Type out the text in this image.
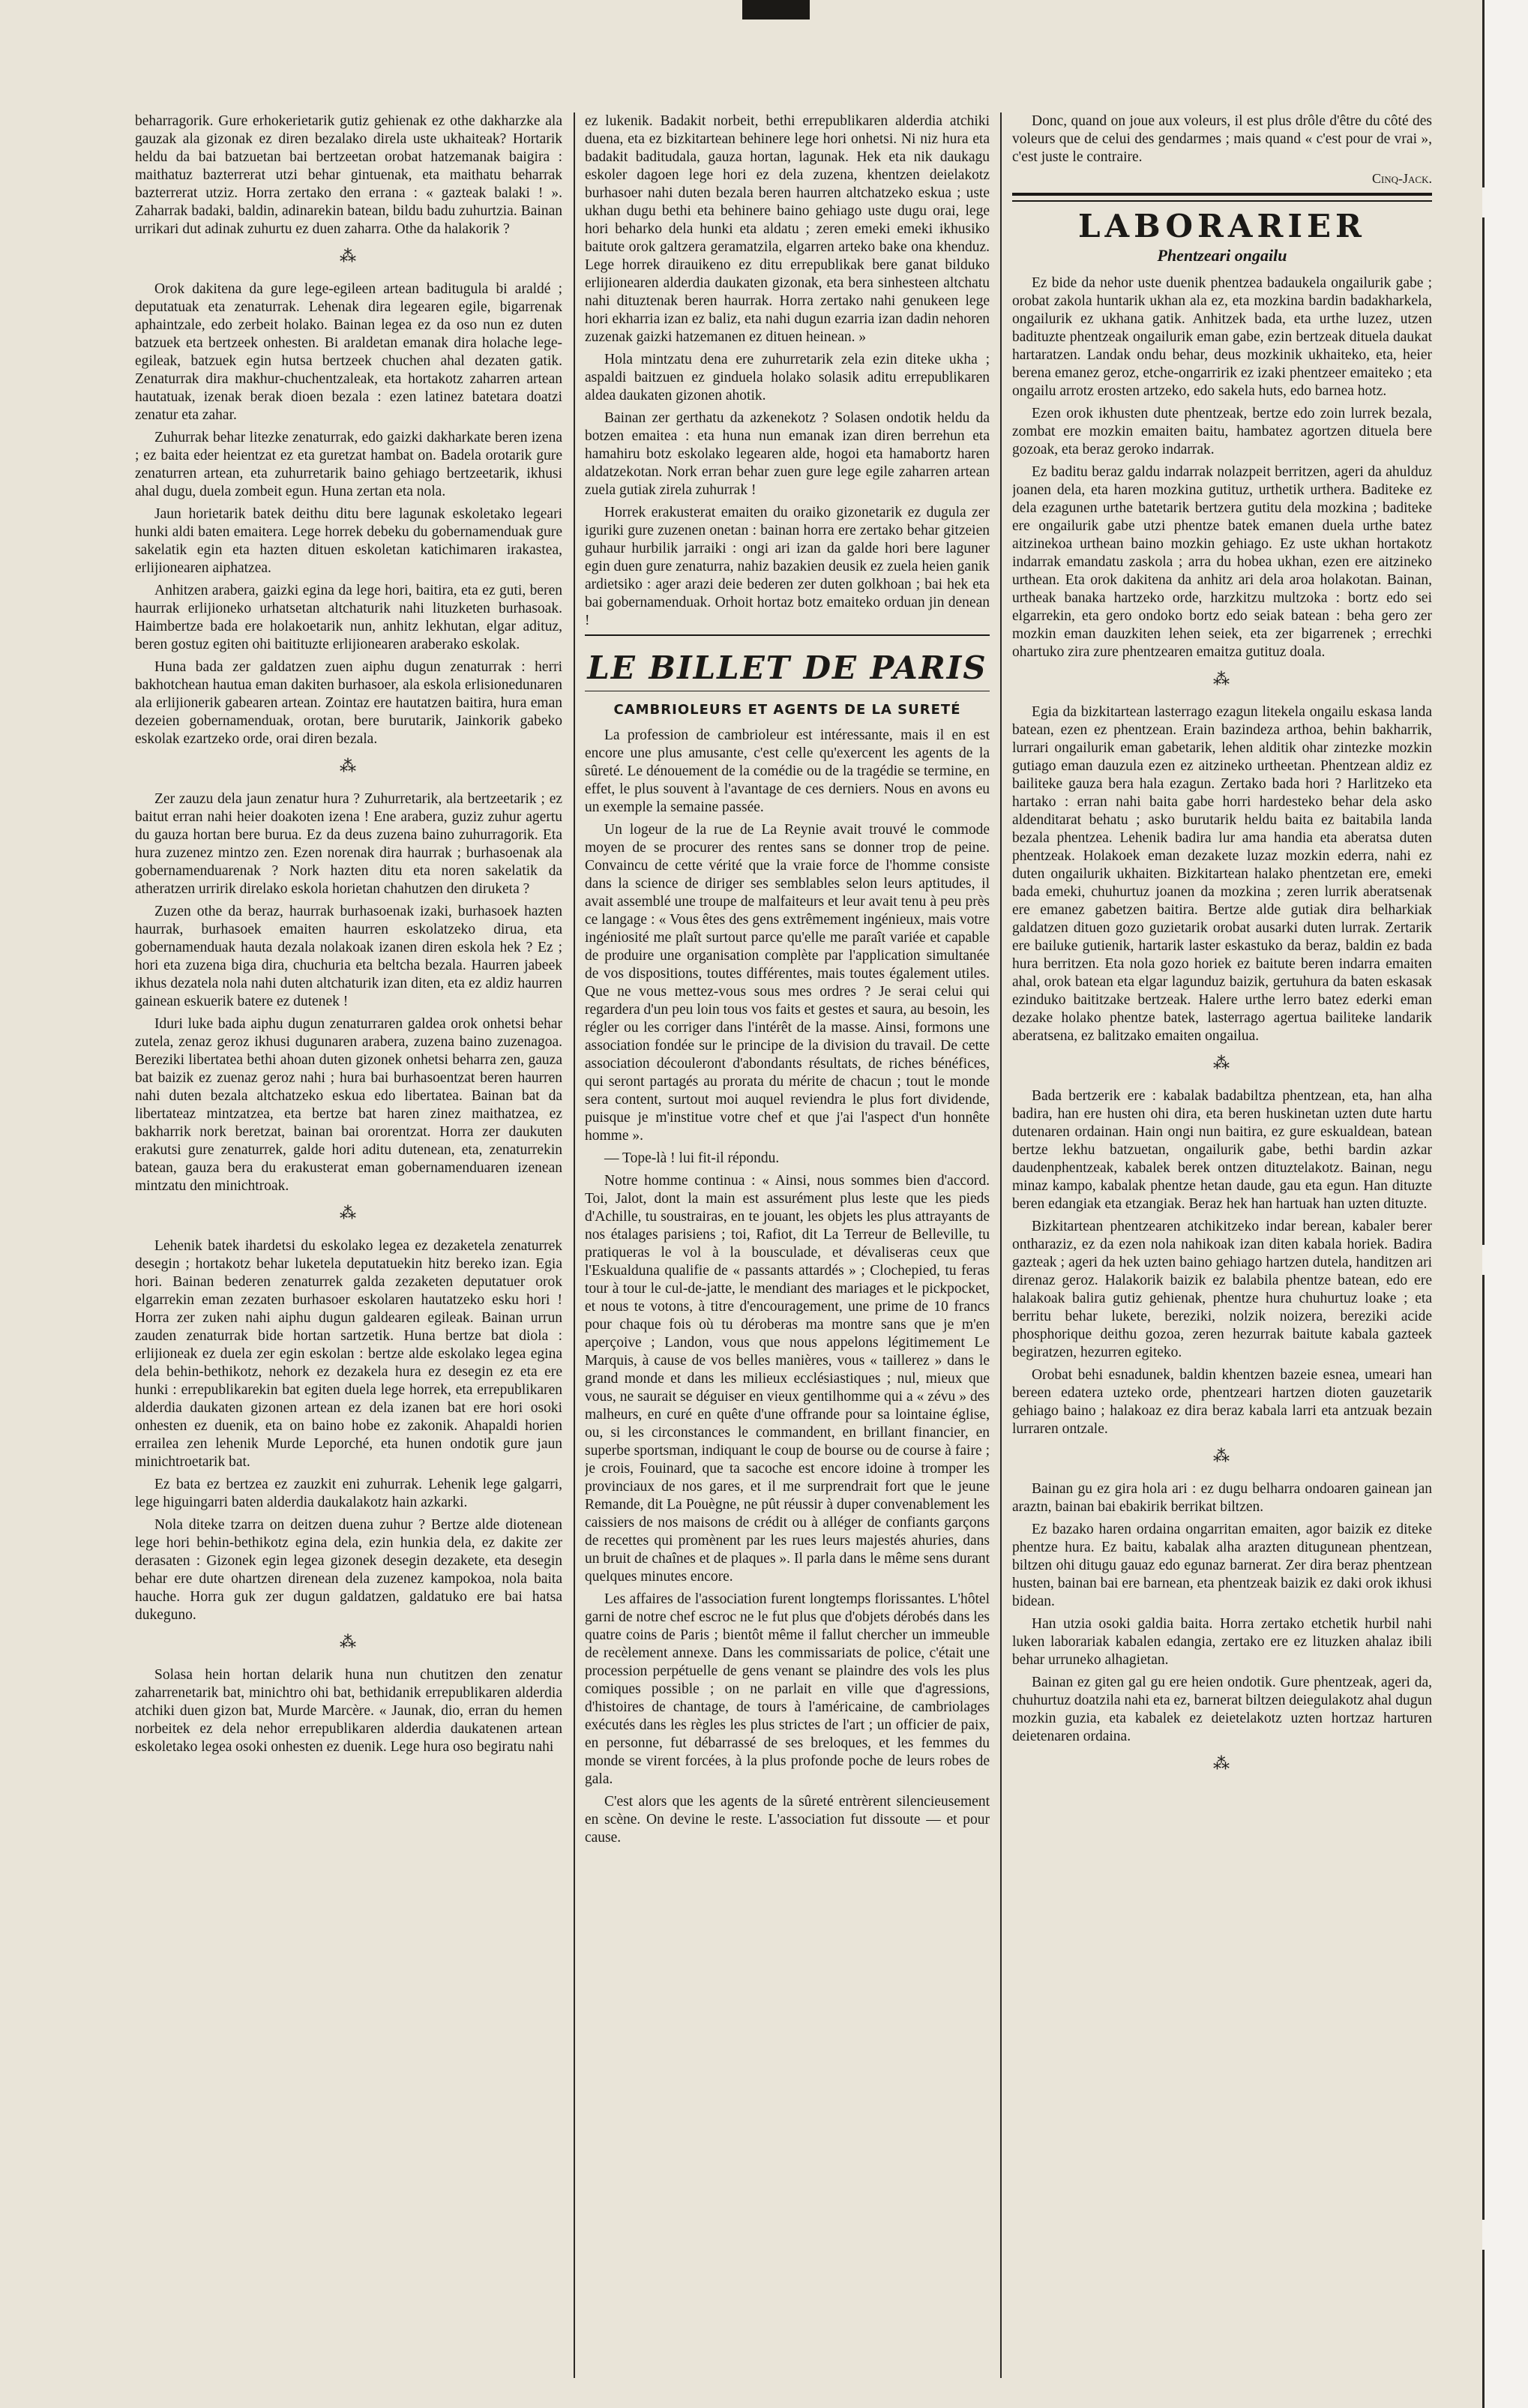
beharragorik. Gure erhokerietarik gutiz gehienak ez othe dakharzke ala gauzak ala gizonak ez diren bezalako direla uste ukhaiteak? Hortarik heldu da bai batzuetan bai bertzeetan orobat hatzemanak baigira : maithatuz bazterrerat utzi behar gintuenak, eta maithatu beharrak bazterrerat utziz. Horra zertako den errana : « gazteak balaki ! ». Zaharrak badaki, baldin, adinarekin batean, bildu badu zuhurtzia. Bainan urrikari dut adinak zuhurtu ez duen zaharra. Othe da halakorik ?

⁂

Orok dakitena da gure lege-egileen artean baditugula bi araldé ; deputatuak eta zenaturrak. Lehenak dira legearen egile, bigarrenak aphaintzale, edo zerbeit holako. Bainan legea ez da oso nun ez duten batzuek eta bertzeek onhesten. Bi araldetan emanak dira holache lege-egileak, batzuek egin hutsa bertzeek chuchen ahal dezaten gatik. Zenaturrak dira makhur-chuchentzaleak, eta hortakotz zaharren artean hautatuak, izenak berak dioen bezala : ezen latinez batetara doatzi zenatur eta zahar.

Zuhurrak behar litezke zenaturrak, edo gaizki dakharkate beren izena ; ez baita eder heientzat ez eta guretzat hambat on. Badela orotarik gure zenaturren artean, eta zuhurretarik baino gehiago bertzeetarik, ikhusi ahal dugu, duela zombeit egun. Huna zertan eta nola.

Jaun horietarik batek deithu ditu bere lagunak eskoletako legeari hunki aldi baten emaitera. Lege horrek debeku du gobernamenduak gure sakelatik egin eta hazten dituen eskoletan katichimaren irakastea, erlijionearen aiphatzea.

Anhitzen arabera, gaizki egina da lege hori, baitira, eta ez guti, beren haurrak erlijioneko urhatsetan altchaturik nahi lituzketen burhasoak. Haimbertze bada ere holakoetarik nun, anhitz lekhutan, elgar adituz, beren gostuz egiten ohi baitituzte erlijionearen araberako eskolak.

Huna bada zer galdatzen zuen aiphu dugun zenaturrak : herri bakhotchean hautua eman dakiten burhasoer, ala eskola erlisionedunaren ala erlijionerik gabearen artean. Zointaz ere hautatzen baitira, hura eman dezeien gobernamenduak, orotan, bere burutarik, Jainkorik gabeko eskolak ezartzeko orde, orai diren bezala.

⁂

Zer zauzu dela jaun zenatur hura ? Zuhurretarik, ala bertzeetarik ; ez baitut erran nahi heier doakoten izena ! Ene arabera, guziz zuhur agertu du gauza hortan bere burua. Ez da deus zuzena baino zuhurragorik. Eta hura zuzenez mintzo zen. Ezen norenak dira haurrak ; burhasoenak ala gobernamenduarenak ? Nork hazten ditu eta noren sakelatik da atheratzen urririk direlako eskola horietan chahutzen den diruketa ?

Zuzen othe da beraz, haurrak burhasoenak izaki, burhasoek hazten haurrak, burhasoek emaiten haurren eskolatzeko dirua, eta gobernamenduak hauta dezala nolakoak izanen diren eskola hek ? Ez ; hori eta zuzena biga dira, chuchuria eta beltcha bezala. Haurren jabeek ikhus dezatela nola nahi duten altchaturik izan diten, eta ez aldiz haurren gainean eskuerik batere ez dutenek !

Iduri luke bada aiphu dugun zenaturraren galdea orok onhetsi behar zutela, zenaz geroz ikhusi dugunaren arabera, zuzena baino zuzenagoa. Bereziki libertatea bethi ahoan duten gizonek onhetsi beharra zen, gauza bat baizik ez zuenaz geroz nahi ; hura bai burhasoentzat beren haurren nahi duten bezala altchatzeko eskua edo libertatea. Bainan bat da libertateaz mintzatzea, eta bertze bat haren zinez maithatzea, ez bakharrik nork beretzat, bainan bai ororentzat. Horra zer daukuten erakutsi gure zenaturrek, galde hori aditu dutenean, eta, zenaturrekin batean, gauza bera du erakusterat eman gobernamenduaren izenean mintzatu den minichtroak.

⁂

Lehenik batek ihardetsi du eskolako legea ez dezaketela zenaturrek desegin ; hortakotz behar luketela deputatuekin hitz bereko izan. Egia hori. Bainan bederen zenaturrek galda zezaketen deputatuer orok elgarrekin eman zezaten burhasoer eskolaren hautatzeko esku hori ! Horra zer zuken nahi aiphu dugun galdearen egileak. Bainan urrun zauden zenaturrak bide hortan sartzetik. Huna bertze bat diola : erlijioneak ez duela zer egin eskolan : bertze alde eskolako legea egina dela behin-bethikotz, nehork ez dezakela hura ez desegin ez eta ere hunki : errepublikarekin bat egiten duela lege horrek, eta errepublikaren alderdia daukaten gizonen artean ez dela izanen bat ere hori osoki onhesten ez duenik, eta on baino hobe ez zakonik. Ahapaldi horien errailea zen lehenik Murde Leporché, eta hunen ondotik gure jaun minichtroetarik bat.

Ez bata ez bertzea ez zauzkit eni zuhurrak. Lehenik lege galgarri, lege higuingarri baten alderdia daukalakotz hain azkarki.

Nola diteke tzarra on deitzen duena zuhur ? Bertze alde diotenean lege hori behin-bethikotz egina dela, ezin hunkia dela, ez dakite zer derasaten : Gizonek egin legea gizonek desegin dezakete, eta desegin behar ere dute ohartzen direnean dela zuzenez kampokoa, nola baita hauche. Horra guk zer dugun galdatzen, galdatuko ere bai hatsa dukeguno.

⁂

Solasa hein hortan delarik huna nun chutitzen den zenatur zaharrenetarik bat, minichtro ohi bat, bethidanik errepublikaren alderdia atchiki duen gizon bat, Murde Marcère. « Jaunak, dio, erran du hemen norbeitek ez dela nehor errepublikaren alderdia daukatenen artean eskoletako legea osoki onhesten ez duenik. Lege hura oso begiratu nahi

ez lukenik. Badakit norbeit, bethi errepublikaren alderdia atchiki duena, eta ez bizkitartean behinere lege hori onhetsi. Ni niz hura eta badakit baditudala, gauza hortan, lagunak. Hek eta nik daukagu eskoler dagoen lege hori ez dela zuzena, khentzen deielakotz burhasoer nahi duten bezala beren haurren altchatzeko eskua ; uste ukhan dugu bethi eta behinere baino gehiago uste dugu orai, lege hori beharko dela hunki eta aldatu ; zeren emeki emeki ikhusiko baitute orok galtzera geramatzila, elgarren arteko bake ona khenduz. Lege horrek dirauikeno ez ditu errepublikak bere ganat bilduko erlijionearen alderdia daukaten gizonak, eta bera sinhesteen altchatu nahi dituztenak beren haurrak. Horra zertako nahi genukeen lege hori ekharria izan ez baliz, eta nahi dugun ezarria izan dadin nehoren zuzenak gaizki hatzemanen ez dituen heinean. »

Hola mintzatu dena ere zuhurretarik zela ezin diteke ukha ; aspaldi baitzuen ez ginduela holako solasik aditu errepublikaren aldea daukaten gizonen ahotik.

Bainan zer gerthatu da azkenekotz ? Solasen ondotik heldu da botzen emaitea : eta huna nun emanak izan diren berrehun eta hamahiru botz eskolako legearen alde, hogoi eta hamabortz haren aldatzekotan. Nork erran behar zuen gure lege egile zaharren artean zuela gutiak zirela zuhurrak !

Horrek erakusterat emaiten du oraiko gizonetarik ez dugula zer iguriki gure zuzenen onetan : bainan horra ere zertako behar gitzeien guhaur hurbilik jarraiki : ongi ari izan da galde hori bere laguner egin duen gure zenaturra, nahiz bazakien deusik ez zuela heien ganik ardietsiko : ager arazi deie bederen zer duten golkhoan ; bai hek eta bai gobernamenduak. Orhoit hortaz botz emaiteko orduan jin denean !

LE BILLET DE PARIS
CAMBRIOLEURS ET AGENTS DE LA SURETÉ

La profession de cambrioleur est intéressante, mais il en est encore une plus amusante, c'est celle qu'exercent les agents de la sûreté. Le dénouement de la comédie ou de la tragédie se termine, en effet, le plus souvent à l'avantage de ces derniers. Nous en avons eu un exemple la semaine passée.

Un logeur de la rue de La Reynie avait trouvé le commode moyen de se procurer des rentes sans se donner trop de peine. Convaincu de cette vérité que la vraie force de l'homme consiste dans la science de diriger ses semblables selon leurs aptitudes, il avait assemblé une troupe de malfaiteurs et leur avait tenu à peu près ce langage : « Vous êtes des gens extrêmement ingénieux, mais votre ingéniosité me plaît surtout parce qu'elle me paraît variée et capable de produire une organisation complète par l'application simultanée de vos dispositions, toutes différentes, mais toutes également utiles. Que ne vous mettez-vous sous mes ordres ? Je serai celui qui regardera d'un peu loin tous vos faits et gestes et saura, au besoin, les régler ou les corriger dans l'intérêt de la masse. Ainsi, formons une association fondée sur le principe de la division du travail. De cette association découleront d'abondants résultats, de riches bénéfices, qui seront partagés au prorata du mérite de chacun ; tout le monde sera content, surtout moi auquel reviendra le plus fort dividende, puisque je m'institue votre chef et que j'ai l'aspect d'un honnête homme ».

— Tope-là ! lui fit-il répondu.

Notre homme continua : « Ainsi, nous sommes bien d'accord. Toi, Jalot, dont la main est assurément plus leste que les pieds d'Achille, tu soustrairas, en te jouant, les objets les plus attrayants de nos étalages parisiens ; toi, Rafiot, dit La Terreur de Belleville, tu pratiqueras le vol à la bousculade, et dévaliseras ceux que l'Eskualduna qualifie de « passants attardés » ; Clochepied, tu feras tour à tour le cul-de-jatte, le mendiant des mariages et le pickpocket, et nous te votons, à titre d'encouragement, une prime de 10 francs pour chaque fois où tu déroberas ma montre sans que je m'en aperçoive ; Landon, vous que nous appelons légitimement Le Marquis, à cause de vos belles manières, vous « taillerez » dans le grand monde et dans les milieux ecclésiastiques ; nul, mieux que vous, ne saurait se déguiser en vieux gentilhomme qui a « zévu » des malheurs, en curé en quête d'une offrande pour sa lointaine église, ou, si les circonstances le commandent, en brillant financier, en superbe sportsman, indiquant le coup de bourse ou de course à faire ; je crois, Fouinard, que ta sacoche est encore idoine à tromper les provinciaux de nos gares, et il me surprendrait fort que le jeune Remande, dit La Pouègne, ne pût réussir à duper convenablement les caissiers de nos maisons de crédit ou à alléger de confiants garçons de recettes qui promènent par les rues leurs majestés ahuries, dans un bruit de chaînes et de plaques ». Il parla dans le même sens durant quelques minutes encore.

Les affaires de l'association furent longtemps florissantes. L'hôtel garni de notre chef escroc ne le fut plus que d'objets dérobés dans les quatre coins de Paris ; bientôt même il fallut chercher un immeuble de recèlement annexe. Dans les commissariats de police, c'était une procession perpétuelle de gens venant se plaindre des vols les plus comiques possible ; on ne parlait en ville que d'agressions, d'histoires de chantage, de tours à l'américaine, de cambriolages exécutés dans les règles les plus strictes de l'art ; un officier de paix, en personne, fut débarrassé de ses breloques, et les femmes du monde se virent forcées, à la plus profonde poche de leurs robes de gala.

C'est alors que les agents de la sûreté entrèrent silencieusement en scène. On devine le reste. L'association fut dissoute — et pour cause.

Donc, quand on joue aux voleurs, il est plus drôle d'être du côté des voleurs que de celui des gendarmes ; mais quand « c'est pour de vrai », c'est juste le contraire.

Cinq-Jack.
LABORARIER
Phentzeari ongailu

Ez bide da nehor uste duenik phentzea badaukela ongailurik gabe ; orobat zakola huntarik ukhan ala ez, eta mozkina bardin badakharkela, ongailurik ez ukhana gatik. Anhitzek bada, eta urthe luzez, utzen badituzte phentzeak ongailurik eman gabe, ezin bertzeak dituela daukat hartaratzen. Landak ondu behar, deus mozkinik ukhaiteko, eta, heier berena emanez geroz, etche-ongarririk ez izaki phentzeer emaiteko ; eta ongailu arrotz erosten artzeko, edo sakela huts, edo barnea hotz.

Ezen orok ikhusten dute phentzeak, bertze edo zoin lurrek bezala, zombat ere mozkin emaiten baitu, hambatez agortzen dituela bere gozoak, eta beraz geroko indarrak.

Ez baditu beraz galdu indarrak nolazpeit berritzen, ageri da ahulduz joanen dela, eta haren mozkina gutituz, urthetik urthera. Baditeke ez dela ezagunen urthe batetarik bertzera gutitu dela mozkina ; baditeke ere ongailurik gabe utzi phentze batek emanen duela urthe batez aitzinekoa urthean baino mozkin gehiago. Ez uste ukhan hortakotz indarrak emandatu zaskola ; arra du hobea ukhan, ezen ere aitzineko urthean. Eta orok dakitena da anhitz ari dela aroa holakotan. Bainan, urtheak banaka hartzeko orde, harzkitzu multzoka : bortz edo sei elgarrekin, eta gero ondoko bortz edo seiak batean : beha gero zer mozkin eman dauzkiten lehen seiek, eta zer bigarrenek ; errechki ohartuko zira zure phentzearen emaitza gutituz doala.

⁂

Egia da bizkitartean lasterrago ezagun litekela ongailu eskasa landa batean, ezen ez phentzean. Erain bazindeza arthoa, behin bakharrik, lurrari ongailurik eman gabetarik, lehen alditik ohar zintezke mozkin gutiago eman dauzula ezen ez aitzineko urtheetan. Phentzean aldiz ez bailiteke gauza bera hala ezagun. Zertako bada hori ? Harlitzeko eta hartako : erran nahi baita gabe horri hardesteko behar dela asko aldenditarat behatu ; asko burutarik heldu baita ez baitabila landa bezala phentzea. Lehenik badira lur ama handia eta aberatsa duten phentzeak. Holakoek eman dezakete luzaz mozkin ederra, nahi ez duten ongailurik ukhaiten. Bizkitartean halako phentzetan ere, emeki bada emeki, chuhurtuz joanen da mozkina ; zeren lurrik aberatsenak ere emanez gabetzen baitira. Bertze alde gutiak dira belharkiak galdatzen dituen gozo guzietarik orobat ausarki duten lurrak. Zertarik ere bailuke gutienik, hartarik laster eskastuko da beraz, baldin ez bada hura berritzen. Eta nola gozo horiek ez baitute beren indarra emaiten ahal, orok batean eta elgar lagunduz baizik, gertuhura da baten eskasak ezinduko baititzake bertzeak. Halere urthe lerro batez ederki eman dezake holako phentze batek, lasterrago agertua bailiteke landarik aberatsena, ez balitzako emaiten ongailua.

⁂

Bada bertzerik ere : kabalak badabiltza phentzean, eta, han alha badira, han ere husten ohi dira, eta beren huskinetan uzten dute hartu dutenaren ordainan. Hain ongi nun baitira, ez gure eskualdean, batean bertze lekhu batzuetan, ongailurik gabe, bethi bardin azkar daudenphentzeak, kabalek berek ontzen dituztelakotz. Bainan, negu minaz kampo, kabalak phentze hetan daude, gau eta egun. Han dituzte beren edangiak eta etzangiak. Beraz hek han hartuak han uzten dituzte.

Bizkitartean phentzearen atchikitzeko indar berean, kabaler berer ontharaziz, ez da ezen nola nahikoak izan diten kabala horiek. Badira gazteak ; ageri da hek uzten baino gehiago hartzen dutela, handitzen ari direnaz geroz. Halakorik baizik ez balabila phentze batean, edo ere halakoak balira gutiz gehienak, phentze hura chuhurtuz loake ; eta berritu behar lukete, bereziki, nolzik noizera, bereziki acide phosphorique deithu gozoa, zeren hezurrak baitute kabala gazteek begiratzen, hezurren egiteko.

Orobat behi esnadunek, baldin khentzen bazeie esnea, umeari han bereen edatera uzteko orde, phentzeari hartzen dioten gauzetarik gehiago baino ; halakoaz ez dira beraz kabala larri eta antzuak bezain lurraren ontzale.

⁂

Bainan gu ez gira hola ari : ez dugu belharra ondoaren gainean jan araztn, bainan bai ebakirik berrikat biltzen.

Ez bazako haren ordaina ongarritan emaiten, agor baizik ez diteke phentze hura. Ez baitu, kabalak alha arazten ditugunean phentzean, biltzen ohi ditugu gauaz edo egunaz barnerat. Zer dira beraz phentzean husten, bainan bai ere barnean, eta phentzeak baizik ez daki orok ikhusi bidean.

Han utzia osoki galdia baita. Horra zertako etchetik hurbil nahi luken laborariak kabalen edangia, zertako ere ez lituzken ahalaz ibili behar urruneko alhagietan.

Bainan ez giten gal gu ere heien ondotik. Gure phentzeak, ageri da, chuhurtuz doatzila nahi eta ez, barnerat biltzen deiegulakotz ahal dugun mozkin guzia, eta kabalek ez deietelakotz uzten hortzaz harturen deietenaren ordaina.

⁂
